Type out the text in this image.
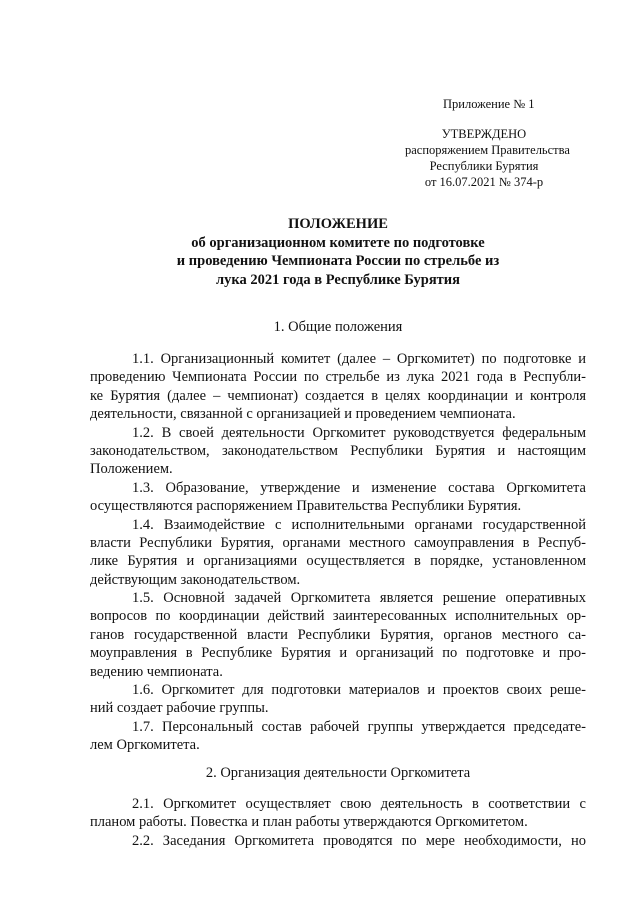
Приложение № 1
УТВЕРЖДЕНО
распоряжением Правительства
Республики Бурятия
от 16.07.2021 № 374-р
ПОЛОЖЕНИЕ
об организационном комитете по подготовке
и проведению Чемпионата России по стрельбе из
лука 2021 года в Республике Бурятия
1. Общие положения
1.1. Организационный комитет (далее – Оргкомитет) по подготовке и
проведению Чемпионата России по стрельбе из лука 2021 года в Республи-
ке Бурятия (далее – чемпионат) создается в целях координации и контроля
деятельности, связанной с организацией и проведением чемпионата.
1.2. В своей деятельности Оргкомитет руководствуется федеральным
законодательством, законодательством Республики Бурятия и настоящим
Положением.
1.3. Образование, утверждение и изменение состава Оргкомитета
осуществляются распоряжением Правительства Республики Бурятия.
1.4. Взаимодействие с исполнительными органами государственной
власти Республики Бурятия, органами местного самоуправления в Респуб-
лике Бурятия и организациями осуществляется в порядке, установленном
действующим законодательством.
1.5. Основной задачей Оргкомитета является решение оперативных
вопросов по координации действий заинтересованных исполнительных ор-
ганов государственной власти Республики Бурятия, органов местного са-
моуправления в Республике Бурятия и организаций по подготовке и про-
ведению чемпионата.
1.6. Оргкомитет для подготовки материалов и проектов своих реше-
ний создает рабочие группы.
1.7. Персональный состав рабочей группы утверждается председате-
лем Оргкомитета.
2. Организация деятельности Оргкомитета
2.1. Оргкомитет осуществляет свою деятельность в соответствии с
планом работы. Повестка и план работы утверждаются Оргкомитетом.
2.2. Заседания Оргкомитета проводятся по мере необходимости, но
